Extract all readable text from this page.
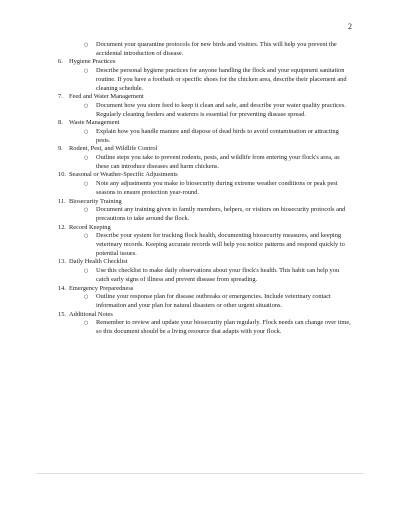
2
○	Document your quarantine protocols for new birds and visitors. This will help you prevent the accidental introduction of disease.
6. Hygiene Practices
○	Describe personal hygiene practices for anyone handling the flock and your equipment sanitation routine. If you have a footbath or specific shoes for the chicken area, describe their placement and cleaning schedule.
7. Feed and Water Management
○	Document how you store feed to keep it clean and safe, and describe your water quality practices. Regularly cleaning feeders and waterers is essential for preventing disease spread.
8. Waste Management
○	Explain how you handle manure and dispose of dead birds to avoid contamination or attracting pests.
9. Rodent, Pest, and Wildlife Control
○	Outline steps you take to prevent rodents, pests, and wildlife from entering your flock's area, as these can introduce diseases and harm chickens.
10. Seasonal or Weather-Specific Adjustments
○	Note any adjustments you make to biosecurity during extreme weather conditions or peak pest seasons to ensure protection year-round.
11. Biosecurity Training
○	Document any training given to family members, helpers, or visitors on biosecurity protocols and precautions to take around the flock.
12. Record Keeping
○	Describe your system for tracking flock health, documenting biosecurity measures, and keeping veterinary records. Keeping accurate records will help you notice patterns and respond quickly to potential issues.
13. Daily Health Checklist
○	Use this checklist to make daily observations about your flock's health. This habit can help you catch early signs of illness and prevent disease from spreading.
14. Emergency Preparedness
○	Outline your response plan for disease outbreaks or emergencies. Include veterinary contact information and your plan for natural disasters or other urgent situations.
15. Additional Notes
○	Remember to review and update your biosecurity plan regularly. Flock needs can change over time, so this document should be a living resource that adapts with your flock.
